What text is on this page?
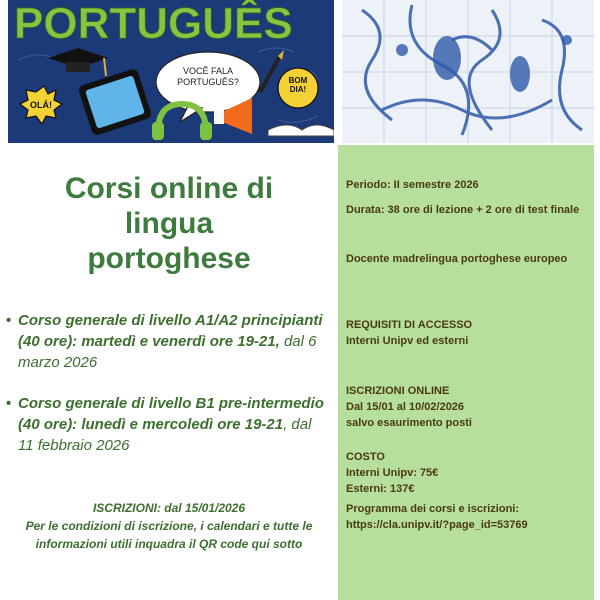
PORTUGUÊS
OLÁ!
VOCÊ FALA PORTUGUÊS?	BOM DIA!
Corsi online di
lingua
portoghese
• Corso generale di livello A1/A2 principianti (40 ore): martedì e venerdì ore 19-21, dal 6 marzo 2026
• Corso generale di livello B1 pre-intermedio (40 ore): lunedì e mercoledì ore 19-21, dal 11 febbraio 2026
ISCRIZIONI: dal 15/01/2026
Per le condizioni di iscrizione, i calendari e tutte le informazioni utili inquadra il QR code qui sotto
Periodo: II semestre 2026
Durata: 38 ore di lezione + 2 ore di test finale
Docente madrelingua portoghese europeo
REQUISITI DI ACCESSO
Interni Unipv ed esterni
ISCRIZIONI ONLINE
Dal 15/01 al 10/02/2026
salvo esaurimento posti
COSTO
Interni Unipv: 75€
Esterni: 137€
Programma dei corsi e iscrizioni:
https://cla.unipv.it/?page_id=53769
